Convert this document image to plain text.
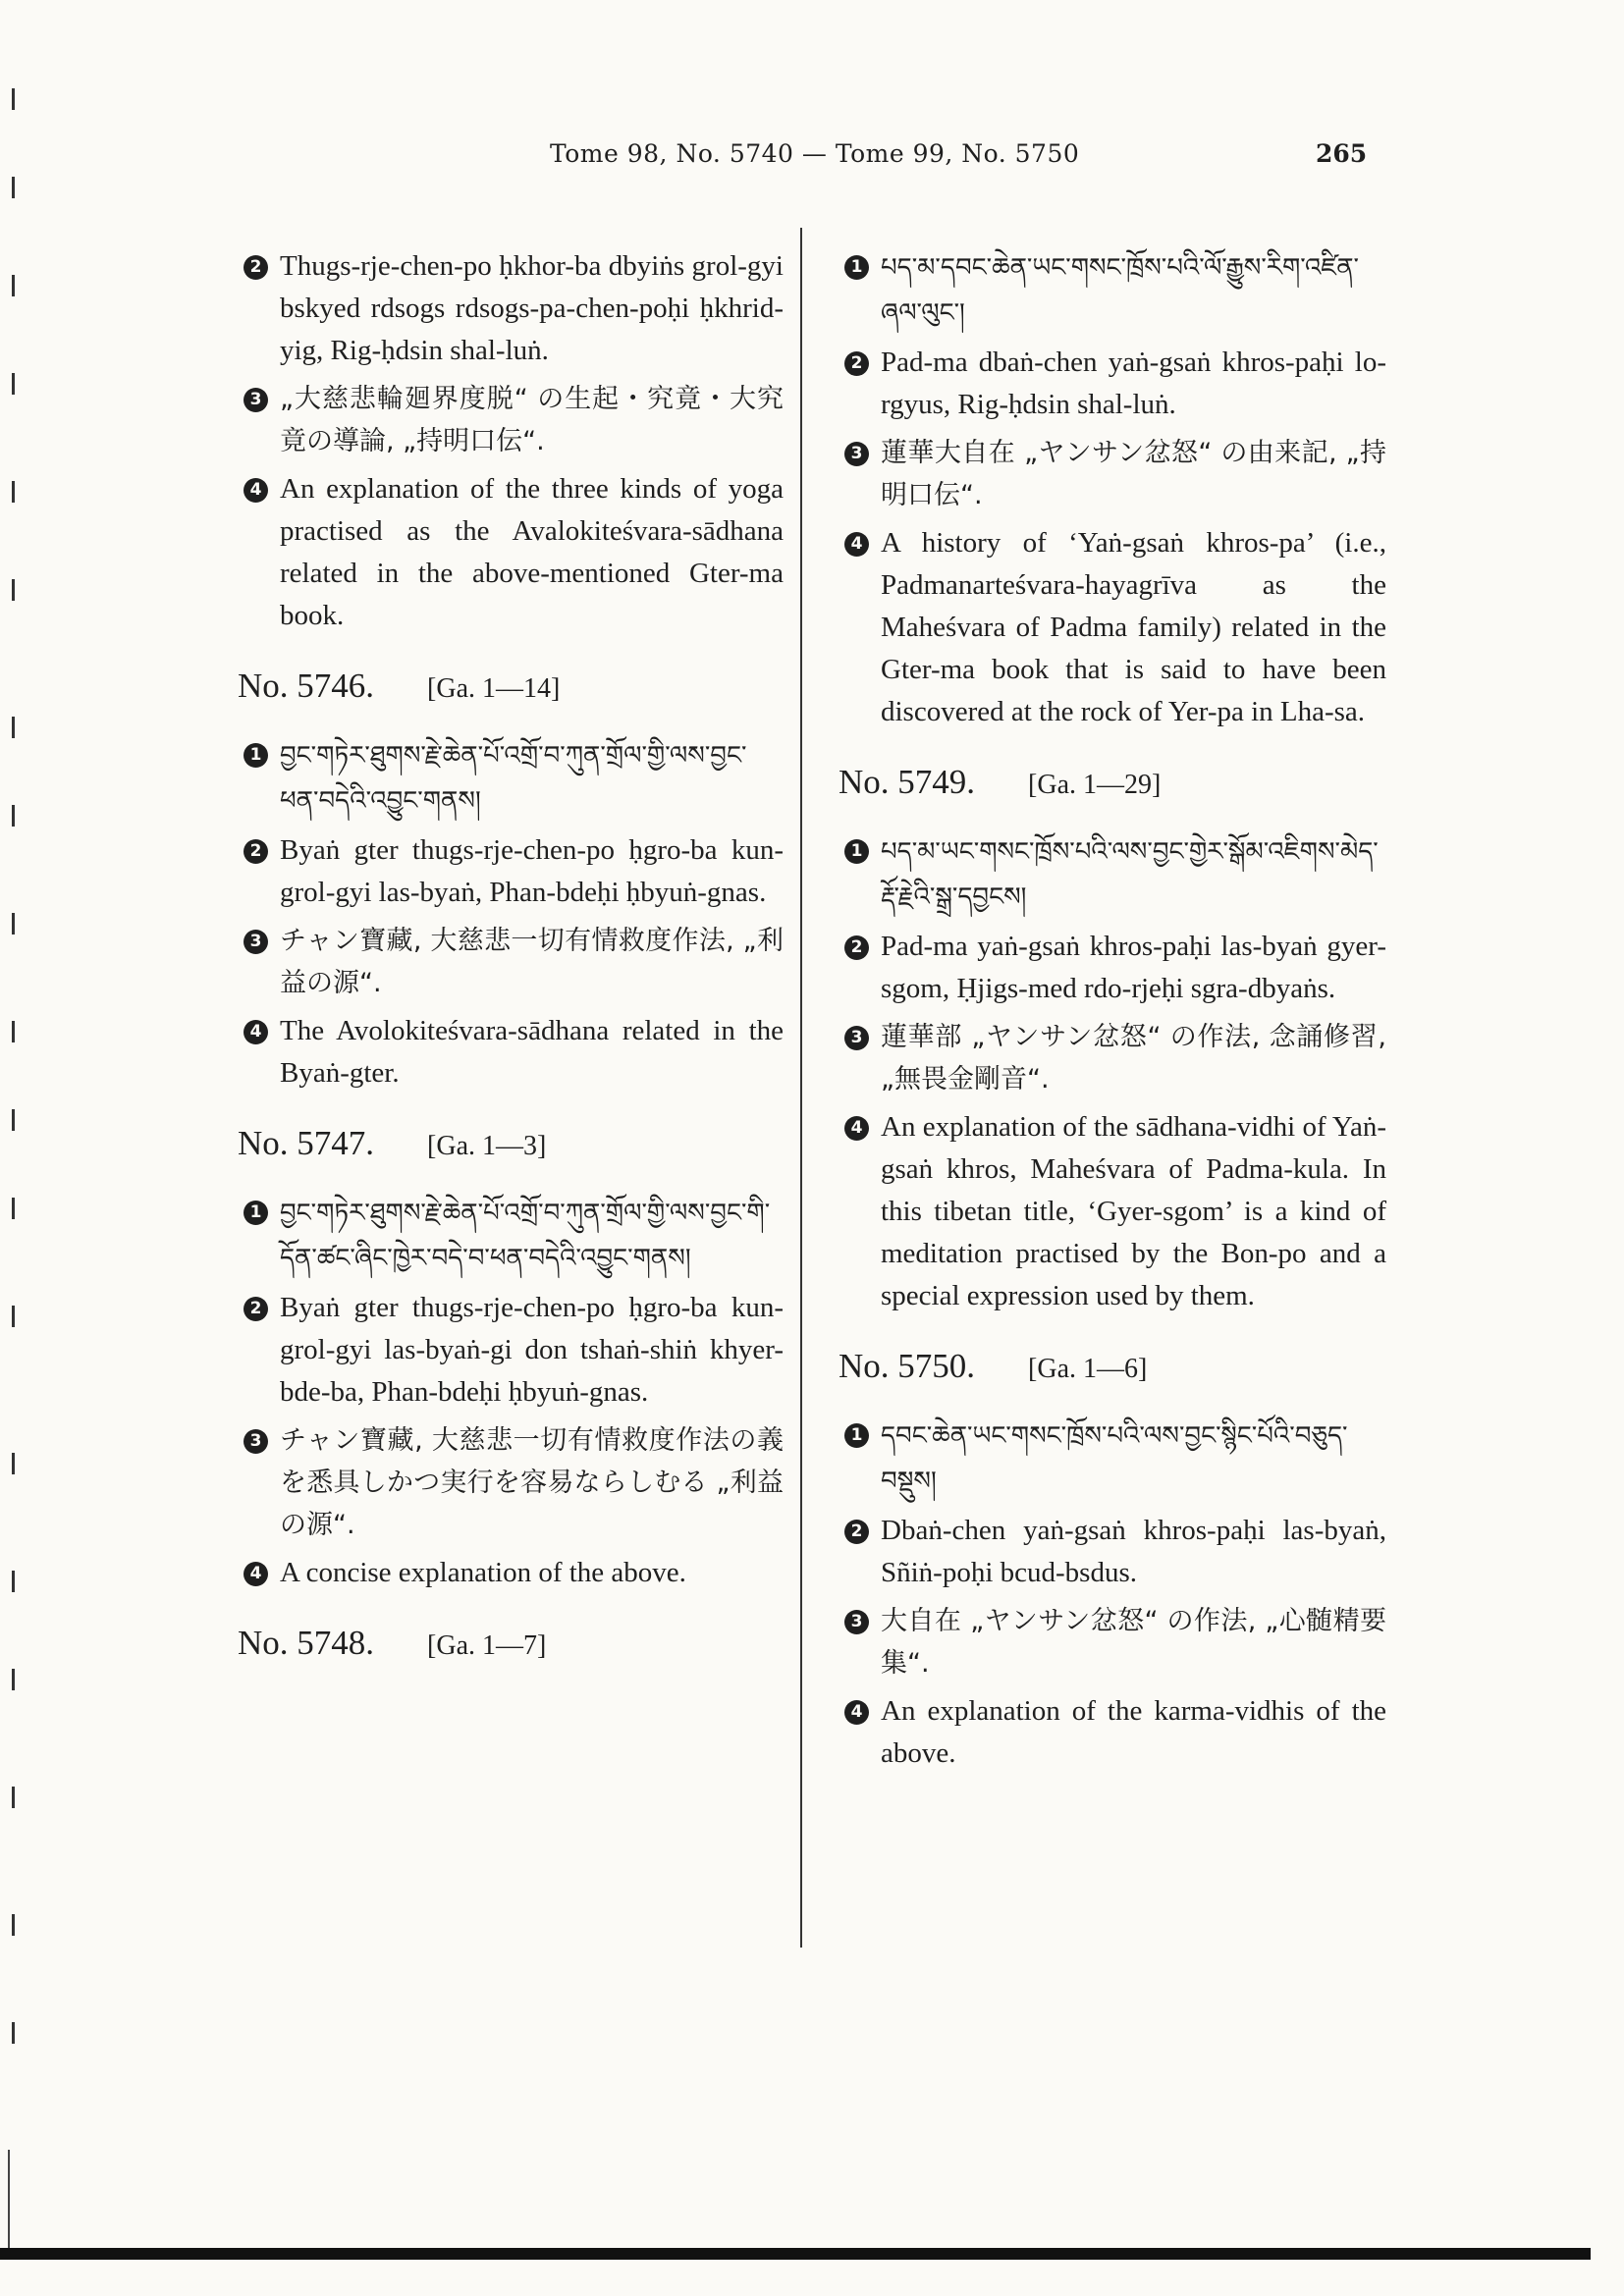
Tome 98, No. 5740 — Tome 99, No. 5750	265
2 Thugs-rje-chen-po ḥkhor-ba dbyiṅs grol-gyi bskyed rdsogs rdsogs-pa-chen-poḥi ḥkhrid-yig, Rig-ḥdsin shal-luṅ.
3 „大慈悲輪廻界度脱“ の生起・究竟・大究竟の導論, „持明口伝“.
4 An explanation of the three kinds of yoga practised as the Avalokiteśvara-sādhana related in the above-mentioned Gter-ma book.
No. 5746. [Ga. 1—14]
1 བྱང་གཏེར་ཐུགས་རྗེ་ཆེན་པོ་འགྲོ་བ་ཀུན་གྲོལ་གྱི་ལས་བྱང་ཕན་བདེའི་འབྱུང་གནས།
2 Byaṅ gter thugs-rje-chen-po ḥgro-ba kun-grol-gyi las-byaṅ, Phan-bdeḥi ḥbyuṅ-gnas.
3 チャン寶藏, 大慈悲一切有情救度作法, „利益の源“.
4 The Avolokiteśvara-sādhana related in the Byaṅ-gter.
No. 5747. [Ga. 1—3]
1 བྱང་གཏེར་ཐུགས་རྗེ་ཆེན་པོ་འགྲོ་བ་ཀུན་གྲོལ་གྱི་ལས་བྱང་གི་དོན་ཚང་ཞིང་ཁྱེར་བདེ་བ་ཕན་བདེའི་འབྱུང་གནས།
2 Byaṅ gter thugs-rje-chen-po ḥgro-ba kun-grol-gyi las-byaṅ-gi don tshaṅ-shiṅ khyer-bde-ba, Phan-bdeḥi ḥbyuṅ-gnas.
3 チャン寶藏, 大慈悲一切有情救度作法の義を悉具しかつ実行を容易ならしむる „利益の源“.
4 A concise explanation of the above.
No. 5748. [Ga. 1—7]
1 པད་མ་དབང་ཆེན་ཡང་གསང་ཁྲོས་པའི་ལོ་རྒྱུས་རིག་འཛིན་ཞལ་ལུང་།
2 Pad-ma dbaṅ-chen yaṅ-gsaṅ khros-paḥi lo-rgyus, Rig-ḥdsin shal-luṅ.
3 蓮華大自在 „ヤンサン忿怒“ の由来記, „持明口伝“.
4 A history of ‘Yaṅ-gsaṅ khros-pa’ (i.e., Padmanarteśvara-hayagrīva as the Maheśvara of Padma family) related in the Gter-ma book that is said to have been discovered at the rock of Yer-pa in Lha-sa.
No. 5749. [Ga. 1—29]
1 པད་མ་ཡང་གསང་ཁྲོས་པའི་ལས་བྱང་གྱེར་སྒོམ་འཇིགས་མེད་རྡོ་རྗེའི་སྒྲ་དབྱངས།
2 Pad-ma yaṅ-gsaṅ khros-paḥi las-byaṅ gyer-sgom, Ḥjigs-med rdo-rjeḥi sgra-dbyaṅs.
3 蓮華部 „ヤンサン忿怒“ の作法, 念誦修習, „無畏金剛音“.
4 An explanation of the sādhana-vidhi of Yaṅ-gsaṅ khros, Maheśvara of Padma-kula. In this tibetan title, ‘Gyer-sgom’ is a kind of meditation practised by the Bon-po and a special expression used by them.
No. 5750. [Ga. 1—6]
1 དབང་ཆེན་ཡང་གསང་ཁྲོས་པའི་ལས་བྱང་སྙིང་པོའི་བཅུད་བསྡུས།
2 Dbaṅ-chen yaṅ-gsaṅ khros-paḥi las-byaṅ, Sñiṅ-poḥi bcud-bsdus.
3 大自在 „ヤンサン忿怒“ の作法, „心髄精要集“.
4 An explanation of the karma-vidhis of the above.
